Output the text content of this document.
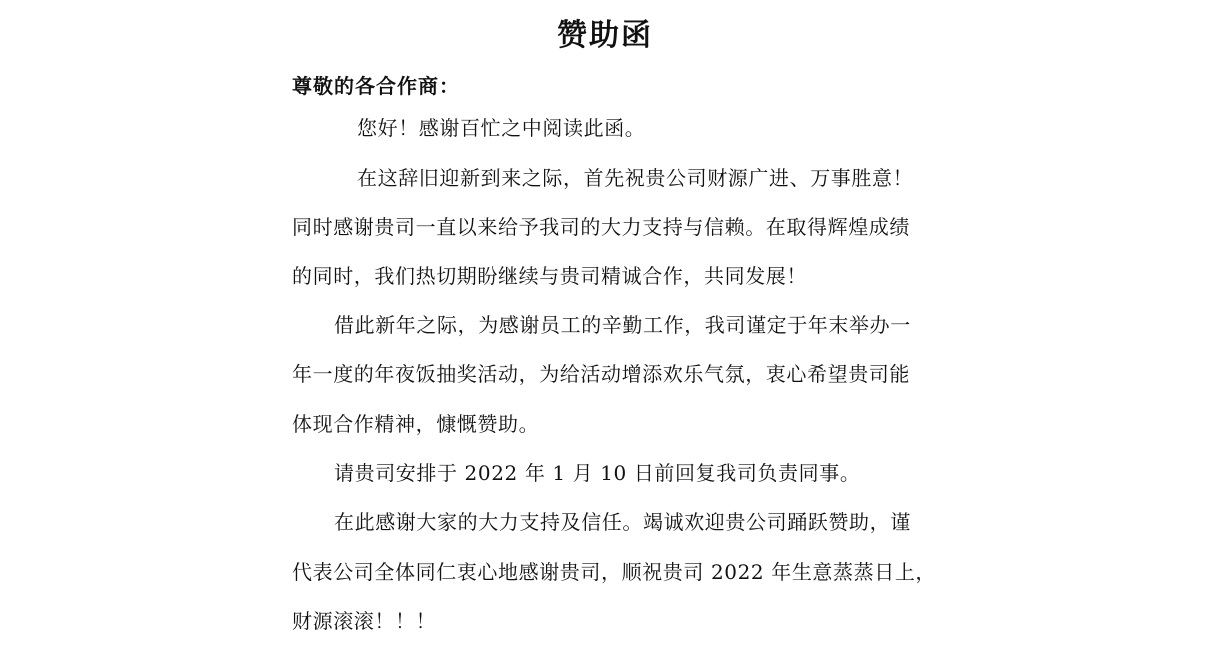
赞助函
尊敬的各合作商：
您好！感谢百忙之中阅读此函。
在这辞旧迎新到来之际，首先祝贵公司财源广进、万事胜意！
同时感谢贵司一直以来给予我司的大力支持与信赖。在取得辉煌成绩
的同时，我们热切期盼继续与贵司精诚合作，共同发展！
借此新年之际，为感谢员工的辛勤工作，我司谨定于年末举办一
年一度的年夜饭抽奖活动，为给活动增添欢乐气氛，衷心希望贵司能
体现合作精神，慷慨赞助。
请贵司安排于 2022 年 1 月 10 日前回复我司负责同事。
在此感谢大家的大力支持及信任。竭诚欢迎贵公司踊跃赞助，谨
代表公司全体同仁衷心地感谢贵司，顺祝贵司 2022 年生意蒸蒸日上，
财源滚滚！！！
